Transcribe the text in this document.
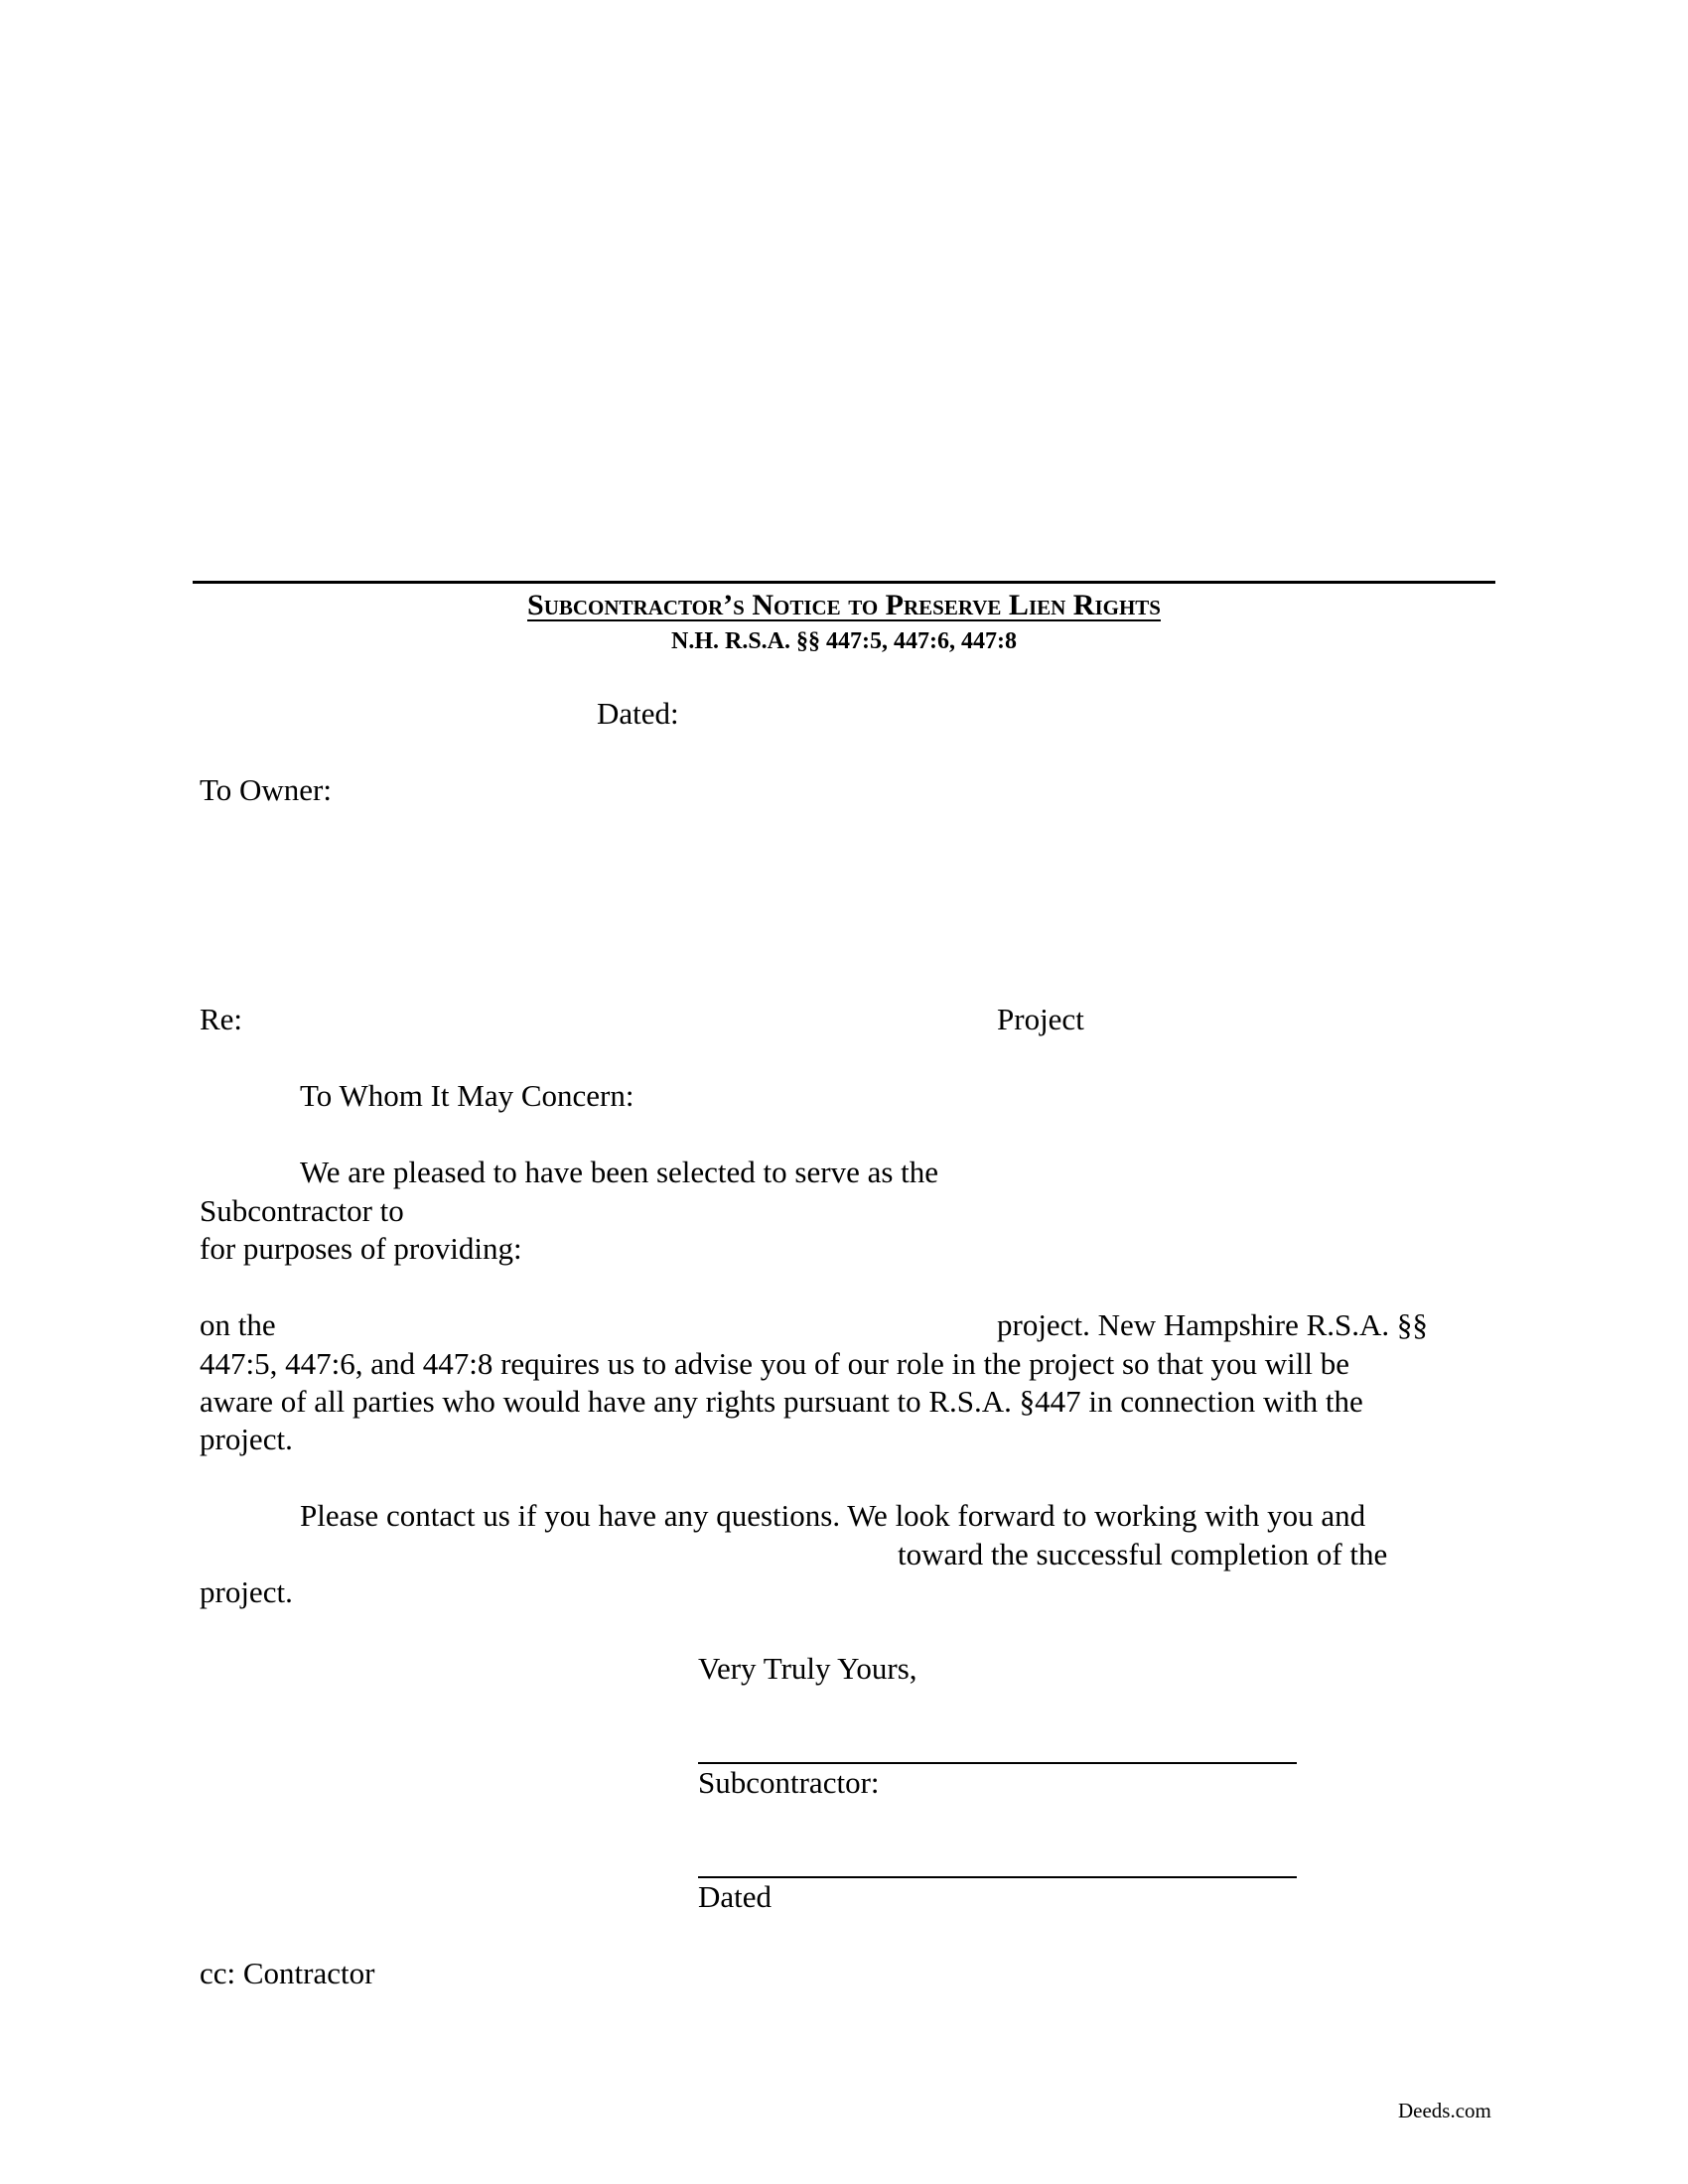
Subcontractor’s Notice to Preserve Lien Rights
N.H. R.S.A. §§ 447:5, 447:6, 447:8

Dated:

To Owner:

Re:	Project

To Whom It May Concern:

We are pleased to have been selected to serve as the

Subcontractor to

for purposes of providing:

on the	project. New Hampshire R.S.A. §§

447:5, 447:6, and 447:8 requires us to advise you of our role in the project so that you will be

aware of all parties who would have any rights pursuant to R.S.A. §447 in connection with the

project.

Please contact us if you have any questions. We look forward to working with you and

toward the successful completion of the

project.

Very Truly Yours,

Subcontractor:

Dated

cc: Contractor

Deeds.com
